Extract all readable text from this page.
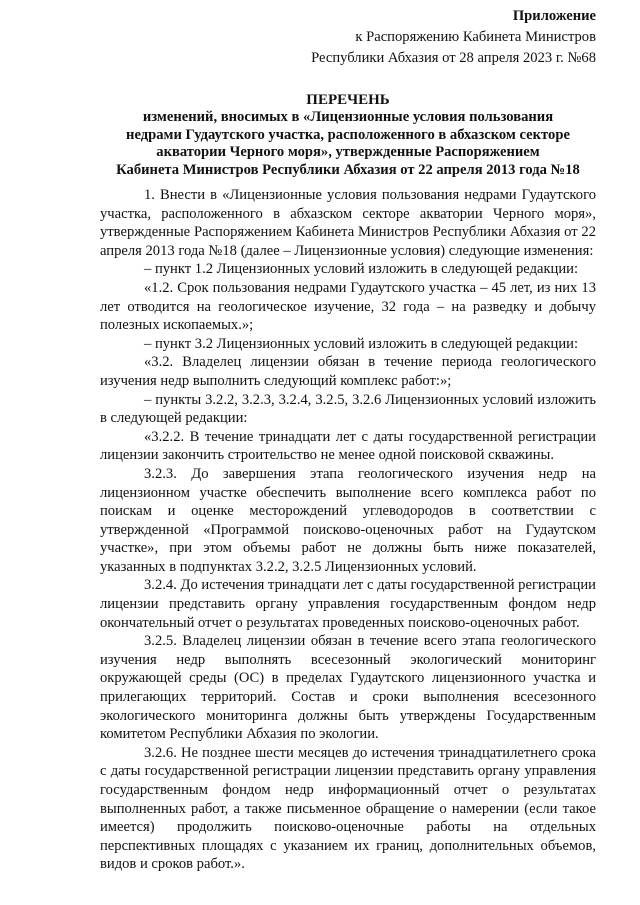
Приложение
к Распоряжению Кабинета Министров
Республики Абхазия от 28 апреля 2023 г. №68
ПЕРЕЧЕНЬ
изменений, вносимых в «Лицензионные условия пользования
недрами Гудаутского участка, расположенного в абхазском секторе
акватории Черного моря», утвержденные Распоряжением
Кабинета Министров Республики Абхазия от 22 апреля 2013 года №18

1. Внести в «Лицензионные условия пользования недрами Гудаутского участка, расположенного в абхазском секторе акватории Черного моря», утвержденные Распоряжением Кабинета Министров Республики Абхазия от 22 апреля 2013 года №18 (далее – Лицензионные условия) следующие изменения:

– пункт 1.2 Лицензионных условий изложить в следующей редакции:

«1.2. Срок пользования недрами Гудаутского участка – 45 лет, из них 13 лет отводится на геологическое изучение, 32 года – на разведку и добычу полезных ископаемых.»;

– пункт 3.2 Лицензионных условий изложить в следующей редакции:

«3.2. Владелец лицензии обязан в течение периода геологического изучения недр выполнить следующий комплекс работ:»;

– пункты 3.2.2, 3.2.3, 3.2.4, 3.2.5, 3.2.6 Лицензионных условий изложить в следующей редакции:

«3.2.2. В течение тринадцати лет с даты государственной регистрации лицензии закончить строительство не менее одной поисковой скважины.

3.2.3. До завершения этапа геологического изучения недр на лицензионном участке обеспечить выполнение всего комплекса работ по поискам и оценке месторождений углеводородов в соответствии с утвержденной «Программой поисково-оценочных работ на Гудаутском участке», при этом объемы работ не должны быть ниже показателей, указанных в подпунктах 3.2.2, 3.2.5 Лицензионных условий.

3.2.4. До истечения тринадцати лет с даты государственной регистрации лицензии представить органу управления государственным фондом недр окончательный отчет о результатах проведенных поисково-оценочных работ.

3.2.5. Владелец лицензии обязан в течение всего этапа геологического изучения недр выполнять всесезонный экологический мониторинг окружающей среды (ОС) в пределах Гудаутского лицензионного участка и прилегающих территорий. Состав и сроки выполнения всесезонного экологического мониторинга должны быть утверждены Государственным комитетом Республики Абхазия по экологии.

3.2.6. Не позднее шести месяцев до истечения тринадцатилетнего срока с даты государственной регистрации лицензии представить органу управления государственным фондом недр информационный отчет о результатах выполненных работ, а также письменное обращение о намерении (если такое имеется) продолжить поисково-оценочные работы на отдельных перспективных площадях с указанием их границ, дополнительных объемов, видов и сроков работ.».
